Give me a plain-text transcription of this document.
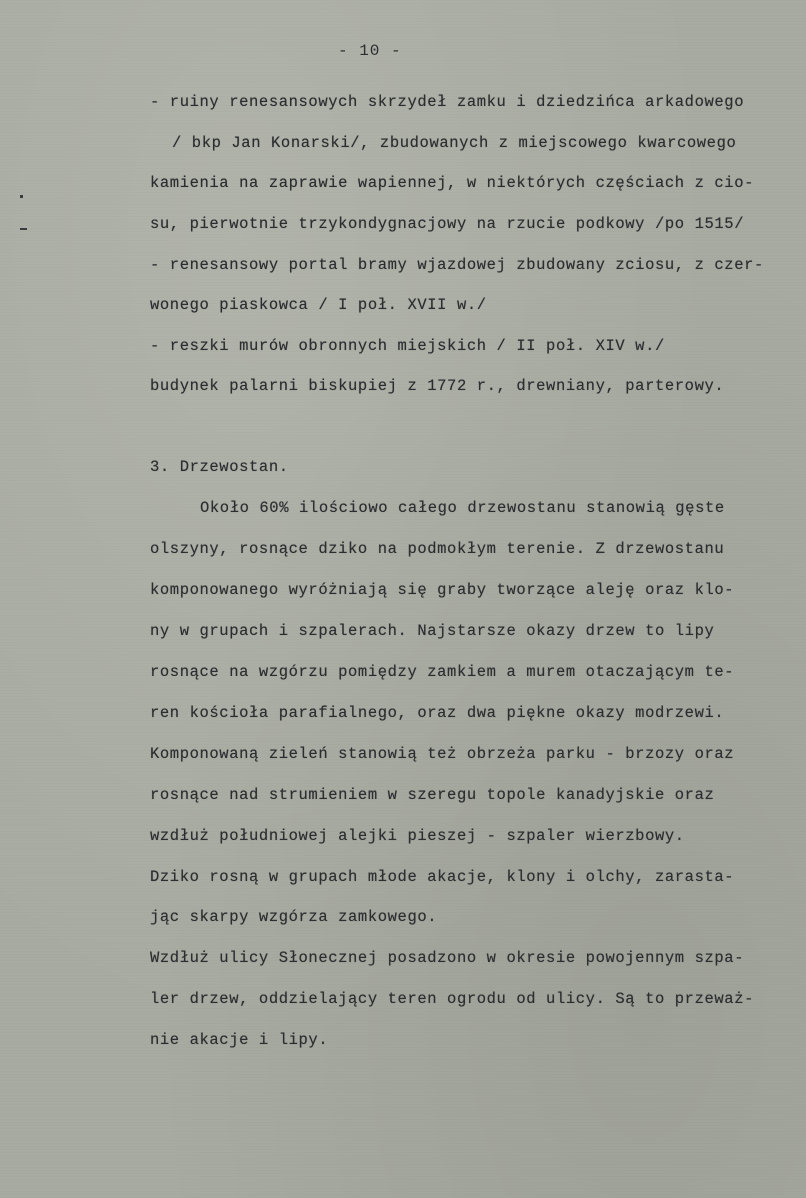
- 10 -
- ruiny renesansowych skrzydeł zamku i dziedzińca arkadowego
/ bkp Jan Konarski/, zbudowanych z miejscowego kwarcowego
kamienia na zaprawie wapiennej, w niektórych częściach z cio-
su, pierwotnie trzykondygnacjowy na rzucie podkowy /po 1515/
- renesansowy portal bramy wjazdowej zbudowany zciosu, z czer-
wonego piaskowca / I poł. XVII w./
- reszki murów obronnych miejskich / II poł. XIV w./
budynek palarni biskupiej z 1772 r., drewniany, parterowy.
3. Drzewostan.
Około 60% ilościowo całego drzewostanu stanowią gęste
olszyny, rosnące dziko na podmokłym terenie. Z drzewostanu
komponowanego wyróżniają się graby tworzące aleję oraz klo-
ny w grupach i szpalerach. Najstarsze okazy drzew to lipy
rosnące na wzgórzu pomiędzy zamkiem a murem otaczającym te-
ren kościoła parafialnego, oraz dwa piękne okazy modrzewi.
Komponowaną zieleń stanowią też obrzeża parku - brzozy oraz
rosnące nad strumieniem w szeregu topole kanadyjskie oraz
wzdłuż południowej alejki pieszej - szpaler wierzbowy.
Dziko rosną w grupach młode akacje, klony i olchy, zarasta-
jąc skarpy wzgórza zamkowego.
Wzdłuż ulicy Słonecznej posadzono w okresie powojennym szpa-
ler drzew, oddzielający teren ogrodu od ulicy. Są to przeważ-
nie akacje i lipy.
